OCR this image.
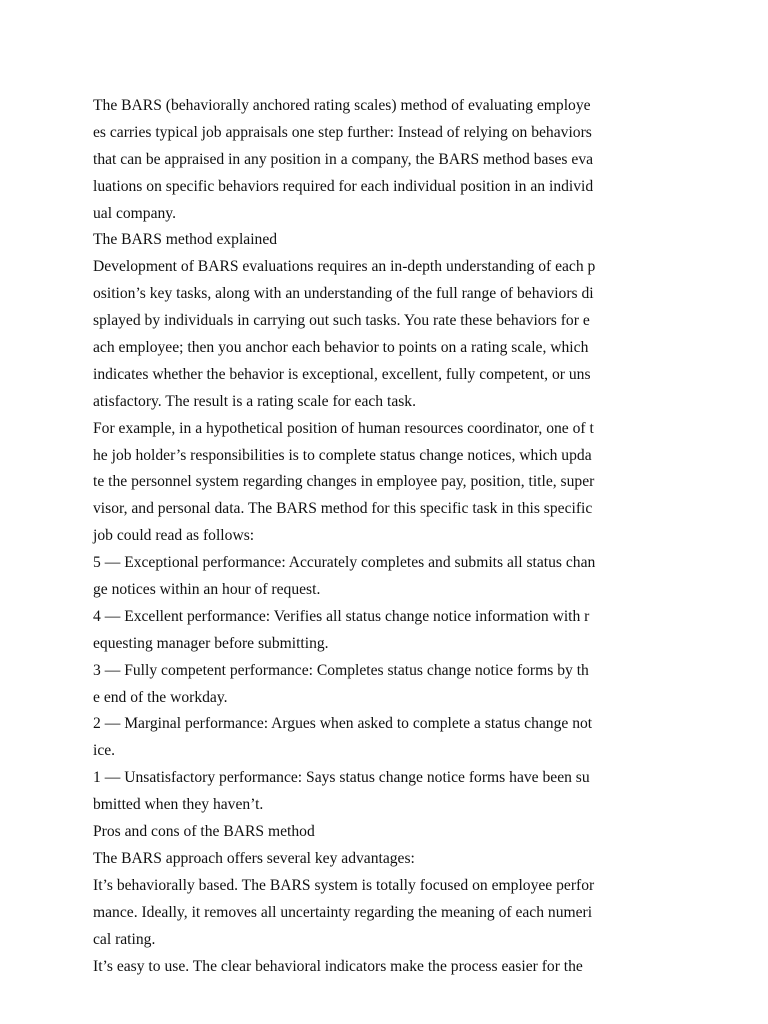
The BARS (behaviorally anchored rating scales) method of evaluating employe
es carries typical job appraisals one step further: Instead of relying on behaviors
that can be appraised in any position in a company, the BARS method bases eva
luations on specific behaviors required for each individual position in an individ
ual company.
The BARS method explained
Development of BARS evaluations requires an in-depth understanding of each p
osition’s key tasks, along with an understanding of the full range of behaviors di
splayed by individuals in carrying out such tasks. You rate these behaviors for e
ach employee; then you anchor each behavior to points on a rating scale, which
indicates whether the behavior is exceptional, excellent, fully competent, or uns
atisfactory. The result is a rating scale for each task.
For example, in a hypothetical position of human resources coordinator, one of t
he job holder’s responsibilities is to complete status change notices, which upda
te the personnel system regarding changes in employee pay, position, title, super
visor, and personal data. The BARS method for this specific task in this specific
job could read as follows:
5 — Exceptional performance: Accurately completes and submits all status chan
ge notices within an hour of request.
4 — Excellent performance: Verifies all status change notice information with r
equesting manager before submitting.
3 — Fully competent performance: Completes status change notice forms by th
e end of the workday.
2 — Marginal performance: Argues when asked to complete a status change not
ice.
1 — Unsatisfactory performance: Says status change notice forms have been su
bmitted when they haven’t.
Pros and cons of the BARS method
The BARS approach offers several key advantages:
It’s behaviorally based. The BARS system is totally focused on employee perfor
mance. Ideally, it removes all uncertainty regarding the meaning of each numeri
cal rating.
It’s easy to use. The clear behavioral indicators make the process easier for the
